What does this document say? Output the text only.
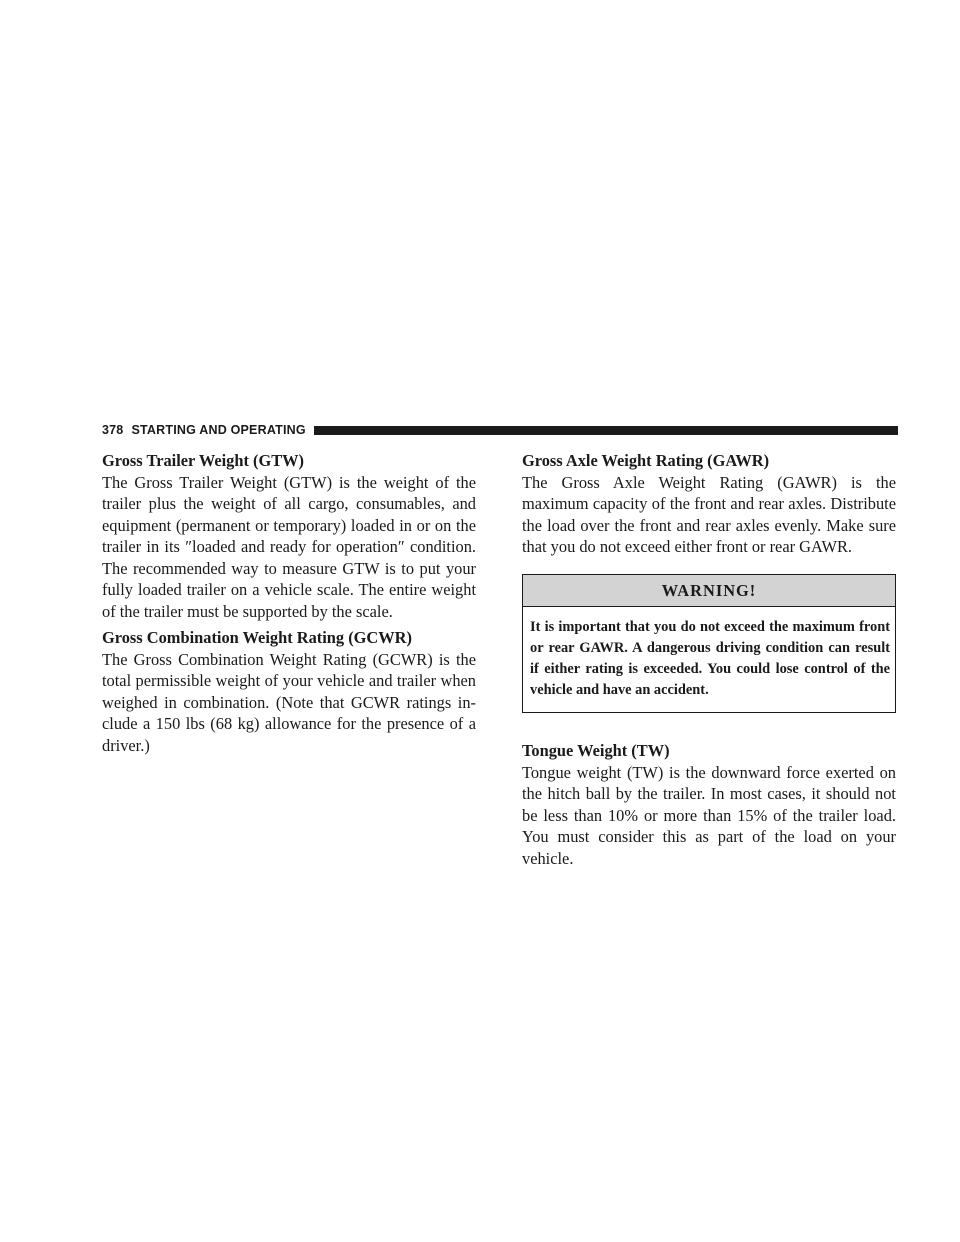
378 STARTING AND OPERATING
Gross Trailer Weight (GTW)

The Gross Trailer Weight (GTW) is the weight of the trailer plus the weight of all cargo, consumables, and equipment (permanent or temporary) loaded in or on the trailer in its ″loaded and ready for operation″ condition. The recommended way to measure GTW is to put your fully loaded trailer on a vehicle scale. The entire weight of the trailer must be supported by the scale.

Gross Combination Weight Rating (GCWR)

The Gross Combination Weight Rating (GCWR) is the total permissible weight of your vehicle and trailer when weighed in combination. (Note that GCWR ratings in- clude a 150 lbs (68 kg) allowance for the presence of a driver.)

Gross Axle Weight Rating (GAWR)

The Gross Axle Weight Rating (GAWR) is the maximum capacity of the front and rear axles. Distribute the load over the front and rear axles evenly. Make sure that you do not exceed either front or rear GAWR.

WARNING!

It is important that you do not exceed the maximum front or rear GAWR. A dangerous driving condition can result if either rating is exceeded. You could lose control of the vehicle and have an accident.

Tongue Weight (TW)

Tongue weight (TW) is the downward force exerted on the hitch ball by the trailer. In most cases, it should not be less than 10% or more than 15% of the trailer load. You must consider this as part of the load on your vehicle.
